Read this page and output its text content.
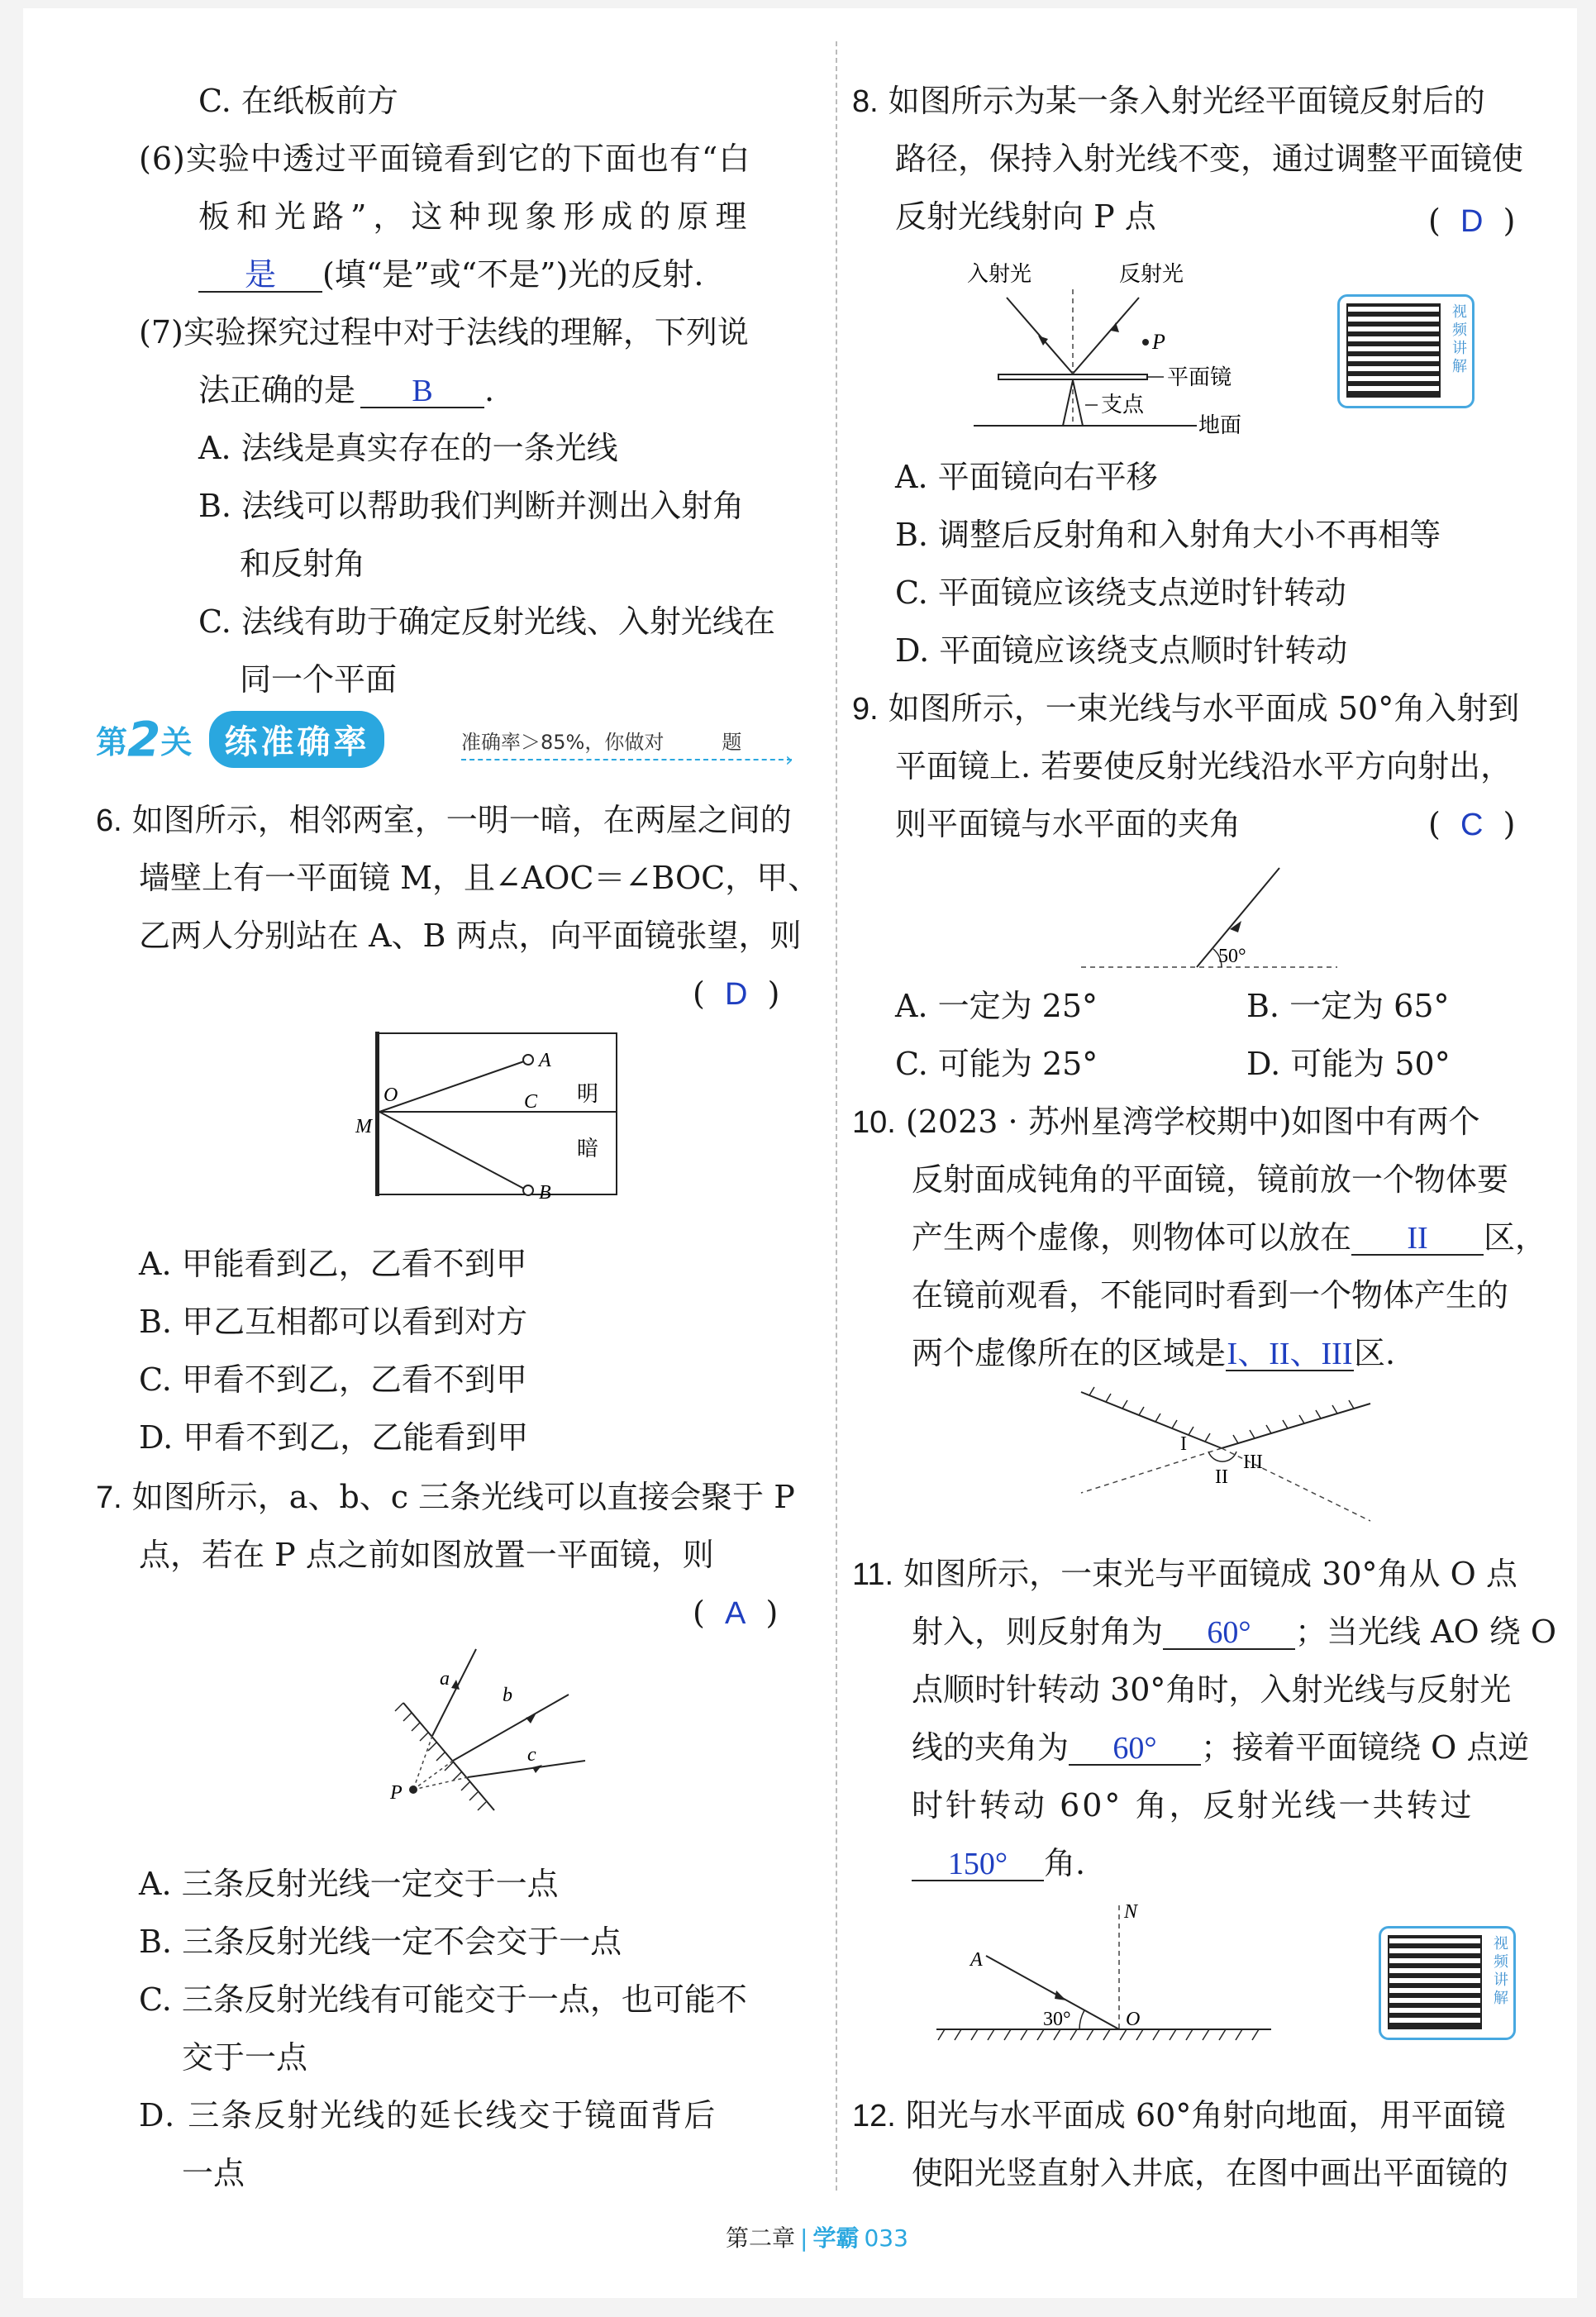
C. 在纸板前方
(6)实验中透过平面镜看到它的下面也有“白
板和光路”，这种现象形成的原理
是 (填“是”或“不是”)光的反射.
(7)实验探究过程中对于法线的理解，下列说
法正确的是 B .
A. 法线是真实存在的一条光线
B. 法线可以帮助我们判断并测出入射角
和反射角
C. 法线有助于确定反射光线、入射光线在
同一个平面
第2关 练准确率	准确率＞85%，你做对	题
›
6. 如图所示，相邻两室，一明一暗，在两屋之间的
墙壁上有一平面镜 M，且∠AOC＝∠BOC，甲、
乙两人分别站在 A、B 两点，向平面镜张望，则
(  D  )
A
B
C
O
M
明
暗
A. 甲能看到乙，乙看不到甲
B. 甲乙互相都可以看到对方
C. 甲看不到乙，乙看不到甲
D. 甲看不到乙，乙能看到甲
7. 如图所示，a、b、c 三条光线可以直接会聚于 P
点，若在 P 点之前如图放置一平面镜，则
(  A  )
a
b
c
P
A. 三条反射光线一定交于一点
B. 三条反射光线一定不会交于一点
C. 三条反射光线有可能交于一点，也可能不
交于一点
D. 三条反射光线的延长线交于镜面背后
一点
8. 如图所示为某一条入射光经平面镜反射后的
路径，保持入射光线不变，通过调整平面镜使
反射光线射向 P 点	(  D  )
入射光	反射光
P
平面镜
支点
地面
视频讲解
A. 平面镜向右平移
B. 调整后反射角和入射角大小不再相等
C. 平面镜应该绕支点逆时针转动
D. 平面镜应该绕支点顺时针转动
9. 如图所示，一束光线与水平面成 50°角入射到
平面镜上. 若要使反射光线沿水平方向射出，
则平面镜与水平面的夹角	(  C  )
50°
A. 一定为 25°	B. 一定为 65°
C. 可能为 25°	D. 可能为 50°
10. (2023 · 苏州星湾学校期中)如图中有两个
反射面成钝角的平面镜，镜前放一个物体要
产生两个虚像，则物体可以放在 II 区，
在镜前观看，不能同时看到一个物体产生的
两个虚像所在的区域是I、II、III区.
I
II
III
11. 如图所示，一束光与平面镜成 30°角从 O 点
射入，则反射角为 60° ；当光线 AO 绕 O
点顺时针转动 30°角时，入射光线与反射光
线的夹角为 60° ；接着平面镜绕 O 点逆
时针转动 60° 角，反射光线一共转过
150° 角.
A
N
O
30°
视频讲解
12. 阳光与水平面成 60°角射向地面，用平面镜
使阳光竖直射入井底，在图中画出平面镜的
第二章 | 学霸 033
